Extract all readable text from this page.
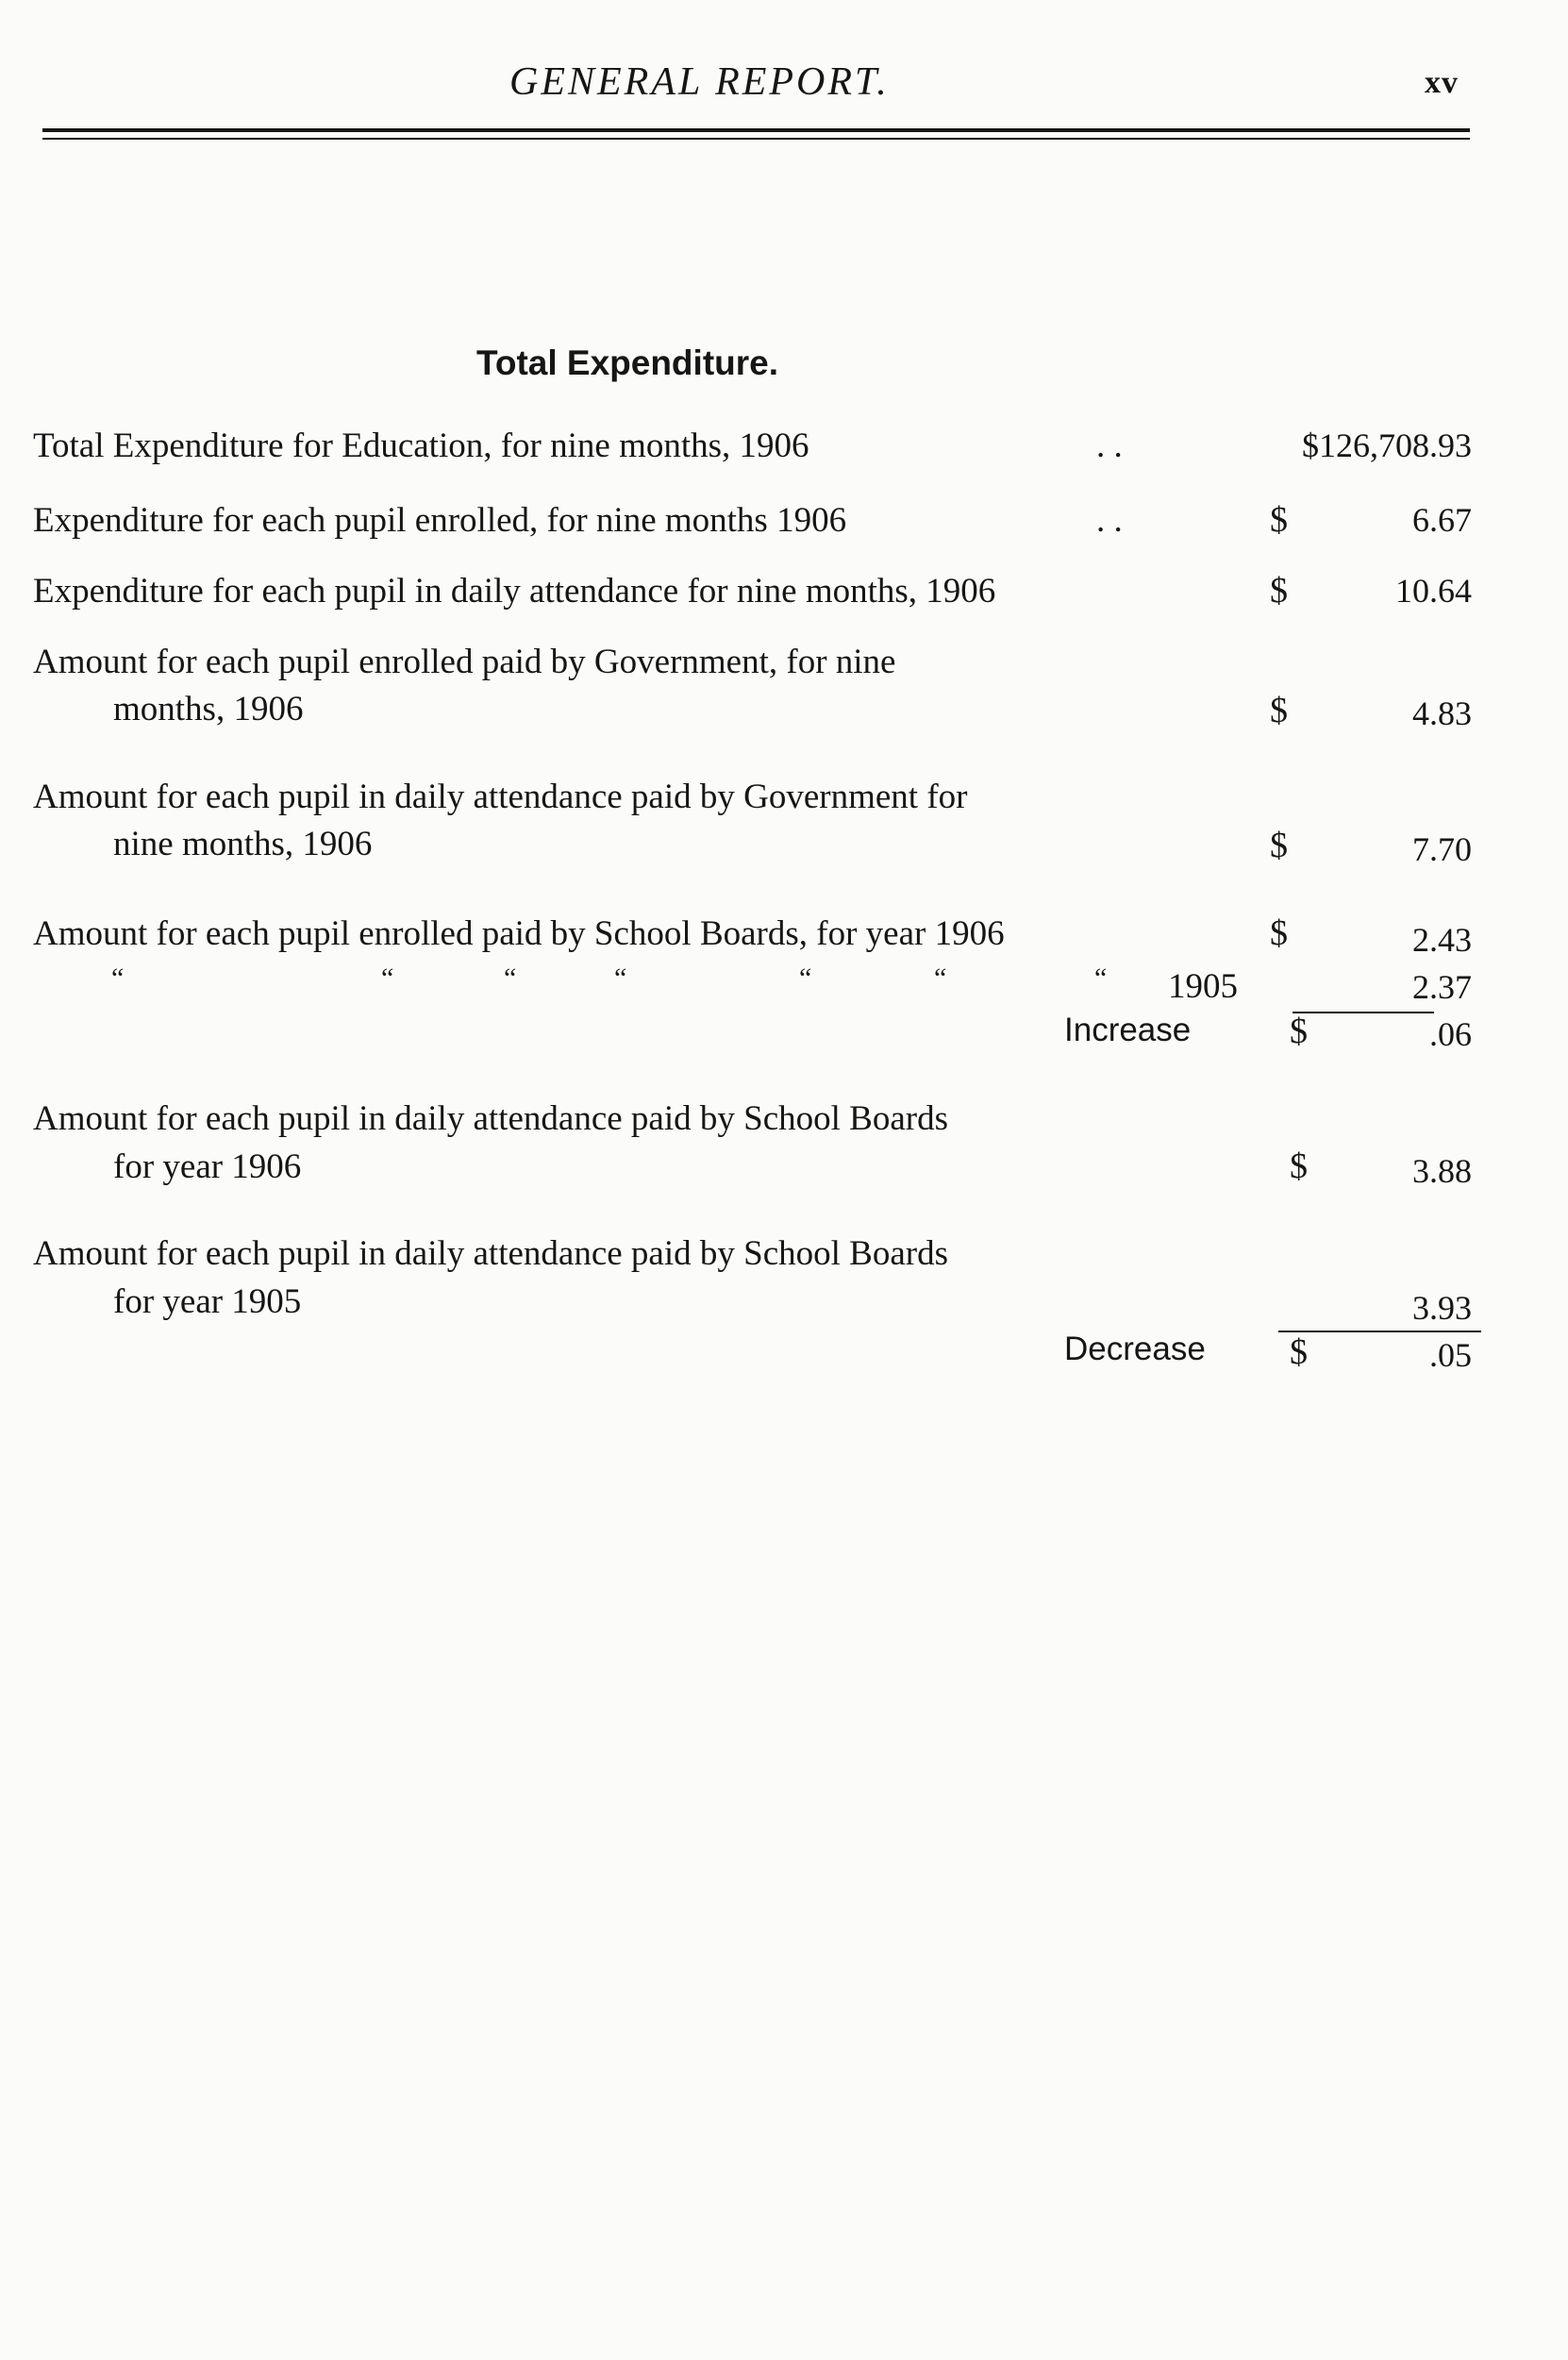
GENERAL REPORT.	xv
Total Expenditure.
Total Expenditure for Education, for nine months, 1906	. .	$126,708.93
Expenditure for each pupil enrolled, for nine months 1906	. .	$	6.67
Expenditure for each pupil in daily attendance for nine months, 1906	$	10.64
Amount for each pupil enrolled paid by Government, for nine
months, 1906	$	4.83
Amount for each pupil in daily attendance paid by Government for
nine months, 1906	$	7.70
Amount for each pupil enrolled paid by School Boards, for year 1906	$	2.43
“	“	“	“	“	“	“ 1905	2.37
Increase	$	.06
Amount for each pupil in daily attendance paid by School Boards
for year 1906	$	3.88
Amount for each pupil in daily attendance paid by School Boards
for year 1905	3.93
Decrease $	.05
